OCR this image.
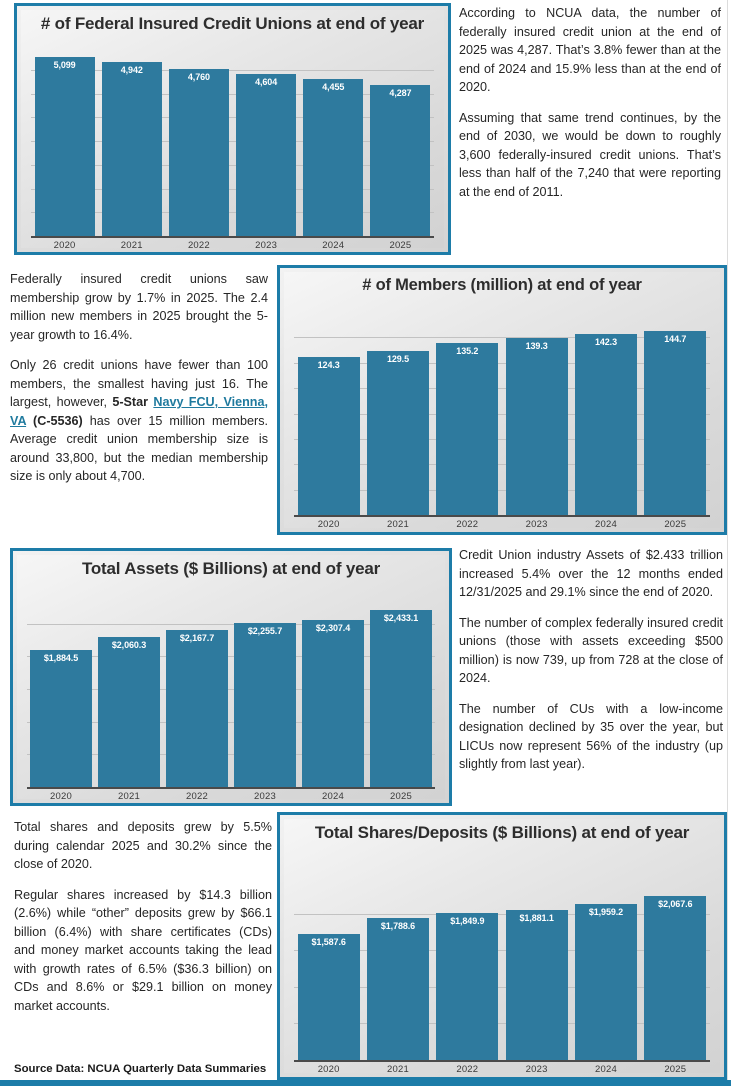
# of Federal Insured Credit Unions at end of year
5,099
4,942
4,760
4,604
4,455
4,287
2020	2021	2022	2023	2024	2025

According to NCUA data, the number of federally insured credit union at the end of 2025 was 4,287. That’s 3.8% fewer than at the end of 2024 and 15.9% less than at the end of 2020.

Assuming that same trend continues, by the end of 2030, we would be down to roughly 3,600 federally-insured credit unions. That’s less than half of the 7,240 that were reporting at the end of 2011.

Federally insured credit unions saw membership grow by 1.7% in 2025. The 2.4 million new members in 2025 brought the 5-year growth to 16.4%.

Only 26 credit unions have fewer than 100 members, the smallest having just 16. The largest, however, 5-Star Navy FCU, Vienna, VA (C-5536) has over 15 million members. Average credit union membership size is around 33,800, but the median membership size is only about 4,700.

# of Members (million) at end of year
124.3
129.5
135.2
139.3	142.3	144.7
2020	2021	2022	2023	2024	2025
Total Assets ($ Billions) at end of year
$1,884.5
$2,060.3
$2,167.7
$2,255.7	$2,307.4
$2,433.1
2020	2021	2022	2023	2024	2025

Credit Union industry Assets of $2.433 trillion increased 5.4% over the 12 months ended 12/31/2025 and 29.1% since the end of 2020.

The number of complex federally insured credit unions (those with assets exceeding $500 million) is now 739, up from 728 at the close of 2024.

The number of CUs with a low-income designation declined by 35 over the year, but LICUs now represent 56% of the industry (up slightly from last year).

Total shares and deposits grew by 5.5% during calendar 2025 and 30.2% since the close of 2020.

Regular shares increased by $14.3 billion (2.6%) while “other” deposits grew by $66.1 billion (6.4%) with share certificates (CDs) and money market accounts taking the lead with growth rates of 6.5% ($36.3 billion) on CDs and 8.6% or $29.1 billion on money market accounts.

Source Data: NCUA Quarterly Data Summaries
Total Shares/Deposits ($ Billions) at end of year
$1,587.6
$1,788.6	$1,849.9	$1,881.1
$1,959.2
$2,067.6
2020	2021	2022	2023	2024	2025
